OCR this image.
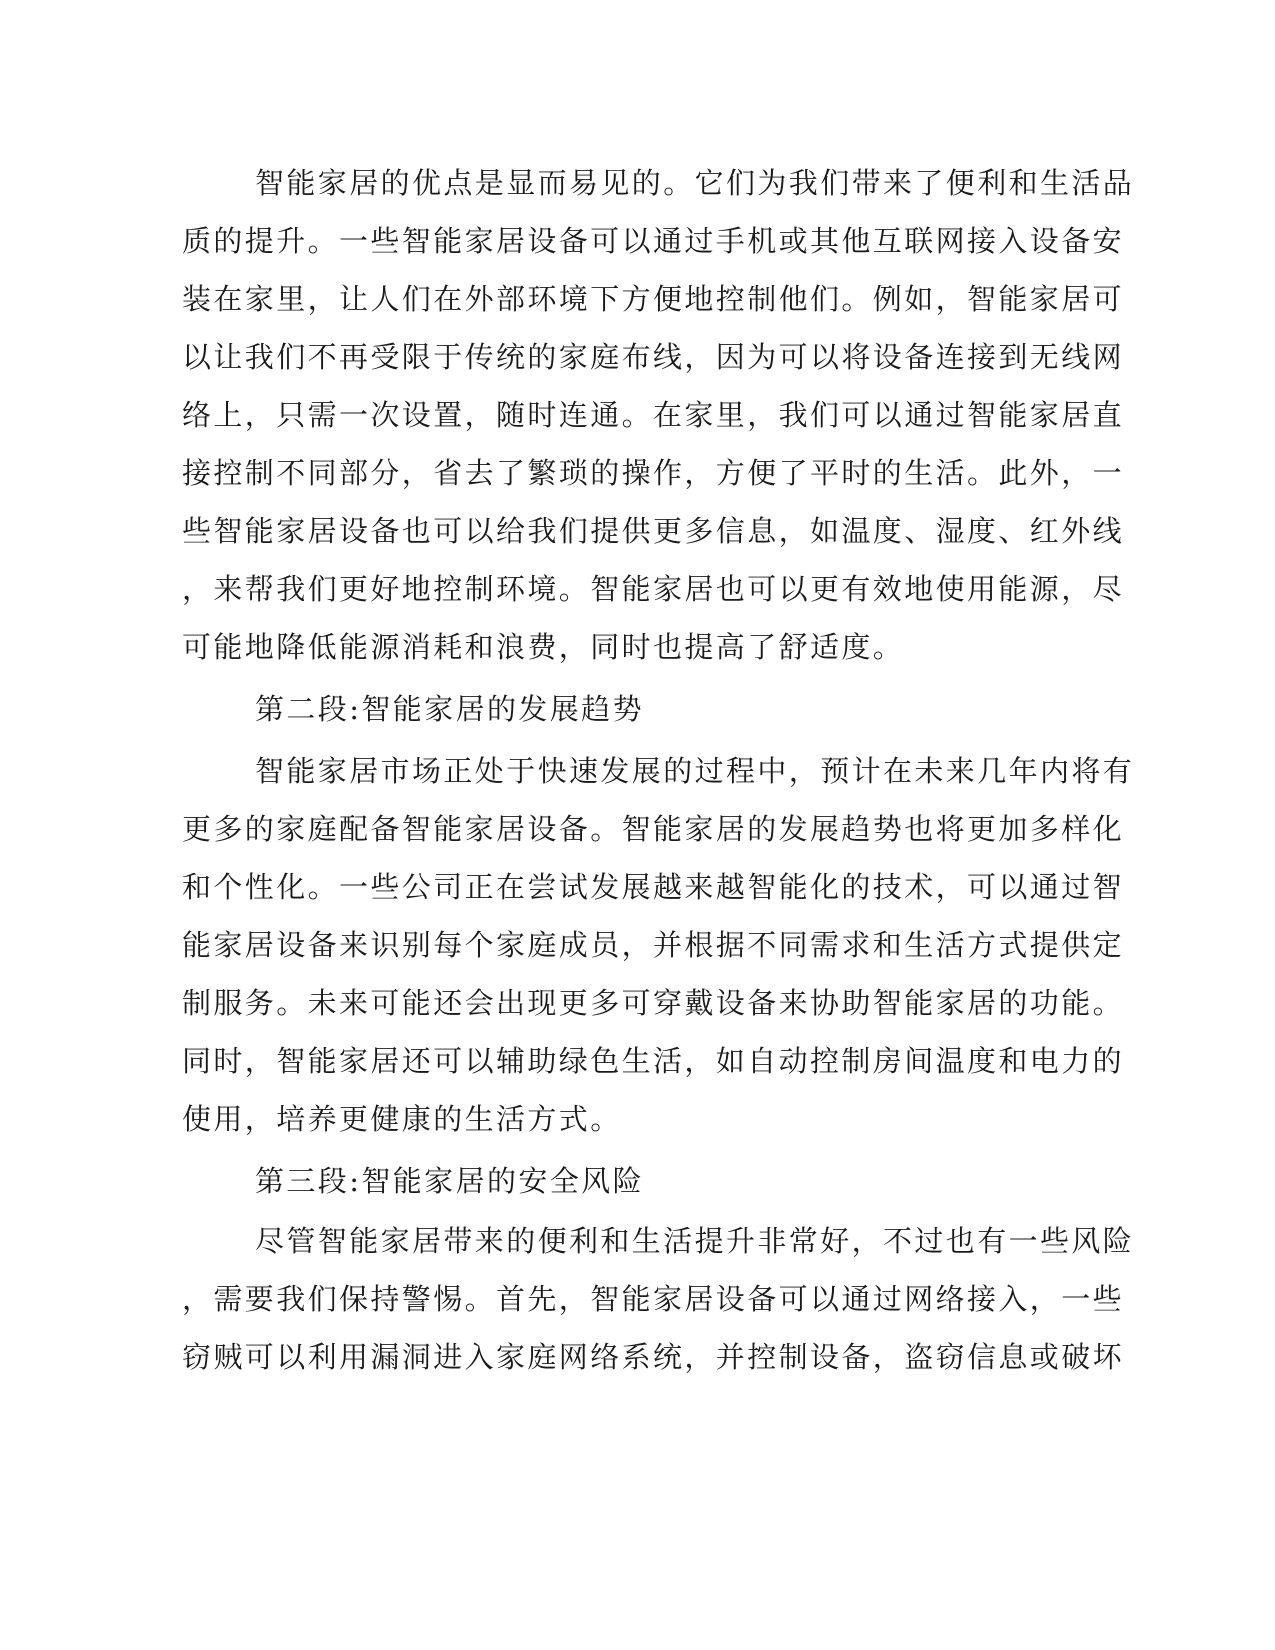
智能家居的优点是显而易见的。它们为我们带来了便利和生活品
质的提升。一些智能家居设备可以通过手机或其他互联网接入设备安
装在家里，让人们在外部环境下方便地控制他们。例如，智能家居可
以让我们不再受限于传统的家庭布线，因为可以将设备连接到无线网
络上，只需一次设置，随时连通。在家里，我们可以通过智能家居直
接控制不同部分，省去了繁琐的操作，方便了平时的生活。此外，一
些智能家居设备也可以给我们提供更多信息，如温度、湿度、红外线
，来帮我们更好地控制环境。智能家居也可以更有效地使用能源，尽
可能地降低能源消耗和浪费，同时也提高了舒适度。
第二段:智能家居的发展趋势
智能家居市场正处于快速发展的过程中，预计在未来几年内将有
更多的家庭配备智能家居设备。智能家居的发展趋势也将更加多样化
和个性化。一些公司正在尝试发展越来越智能化的技术，可以通过智
能家居设备来识别每个家庭成员，并根据不同需求和生活方式提供定
制服务。未来可能还会出现更多可穿戴设备来协助智能家居的功能。
同时，智能家居还可以辅助绿色生活，如自动控制房间温度和电力的
使用，培养更健康的生活方式。
第三段:智能家居的安全风险
尽管智能家居带来的便利和生活提升非常好，不过也有一些风险
，需要我们保持警惕。首先，智能家居设备可以通过网络接入，一些
窃贼可以利用漏洞进入家庭网络系统，并控制设备，盗窃信息或破坏
